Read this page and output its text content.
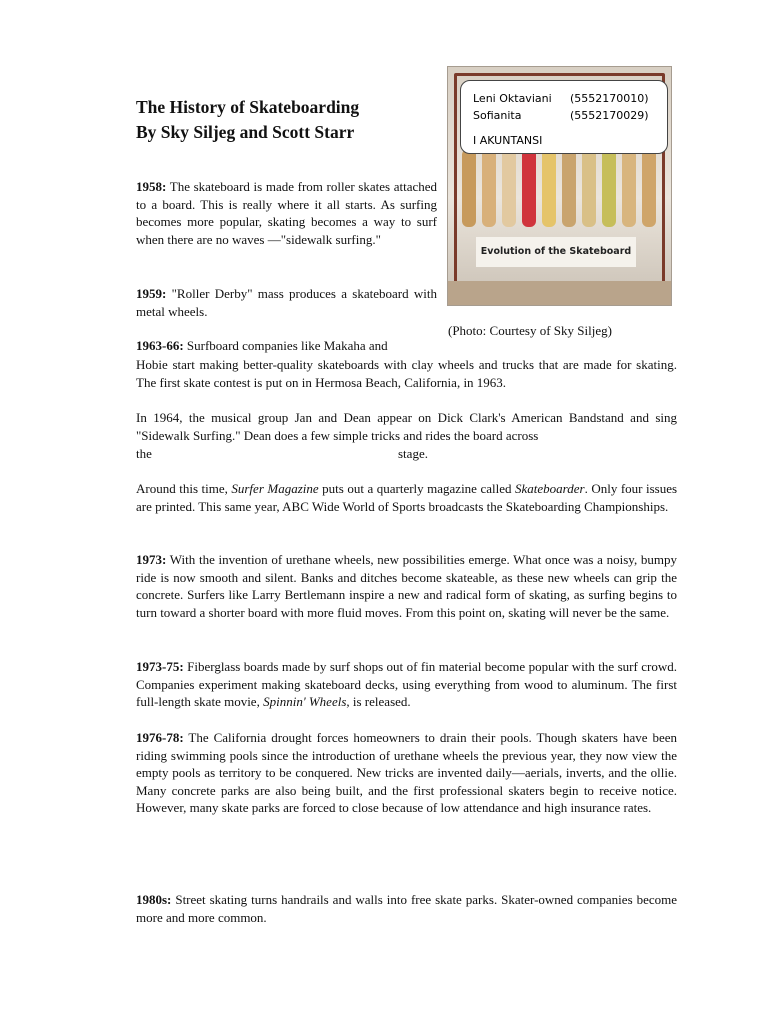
The History of Skateboarding
By Sky Siljeg and Scott Starr
Evolution of the Skateboard
Leni Oktaviani (5552170010)
Sofianita	(5552170029)
I AKUNTANSI
(Photo: Courtesy of Sky Siljeg)
1958: The skateboard is made from roller skates attached to a board. This is really where it all starts. As surfing becomes more popular, skating becomes a way to surf when there are no waves —"sidewalk surfing."
1959: "Roller Derby" mass produces a skateboard with metal wheels.
1963-66: Surfboard companies like Makaha and
Hobie start making better-quality skateboards with clay wheels and trucks that are made for skating. The first skate contest is put on in Hermosa Beach, California, in 1963.
In 1964, the musical group Jan and Dean appear on Dick Clark's American Bandstand and sing "Sidewalk Surfing." Dean does a few simple tricks and rides the board across
the	stage.
Around this time, Surfer Magazine puts out a quarterly magazine called Skateboarder. Only four issues are printed. This same year, ABC Wide World of Sports broadcasts the Skateboarding Championships.
1973: With the invention of urethane wheels, new possibilities emerge. What once was a noisy, bumpy ride is now smooth and silent. Banks and ditches become skateable, as these new wheels can grip the concrete. Surfers like Larry Bertlemann inspire a new and radical form of skating, as surfing begins to turn toward a shorter board with more fluid moves. From this point on, skating will never be the same.
1973-75: Fiberglass boards made by surf shops out of fin material become popular with the surf crowd. Companies experiment making skateboard decks, using everything from wood to aluminum. The first full-length skate movie, Spinnin' Wheels, is released.
1976-78: The California drought forces homeowners to drain their pools. Though skaters have been riding swimming pools since the introduction of urethane wheels the previous year, they now view the empty pools as territory to be conquered. New tricks are invented daily—aerials, inverts, and the ollie. Many concrete parks are also being built, and the first professional skaters begin to receive notice. However, many skate parks are forced to close because of low attendance and high insurance rates.
1980s: Street skating turns handrails and walls into free skate parks. Skater-owned companies become more and more common.
